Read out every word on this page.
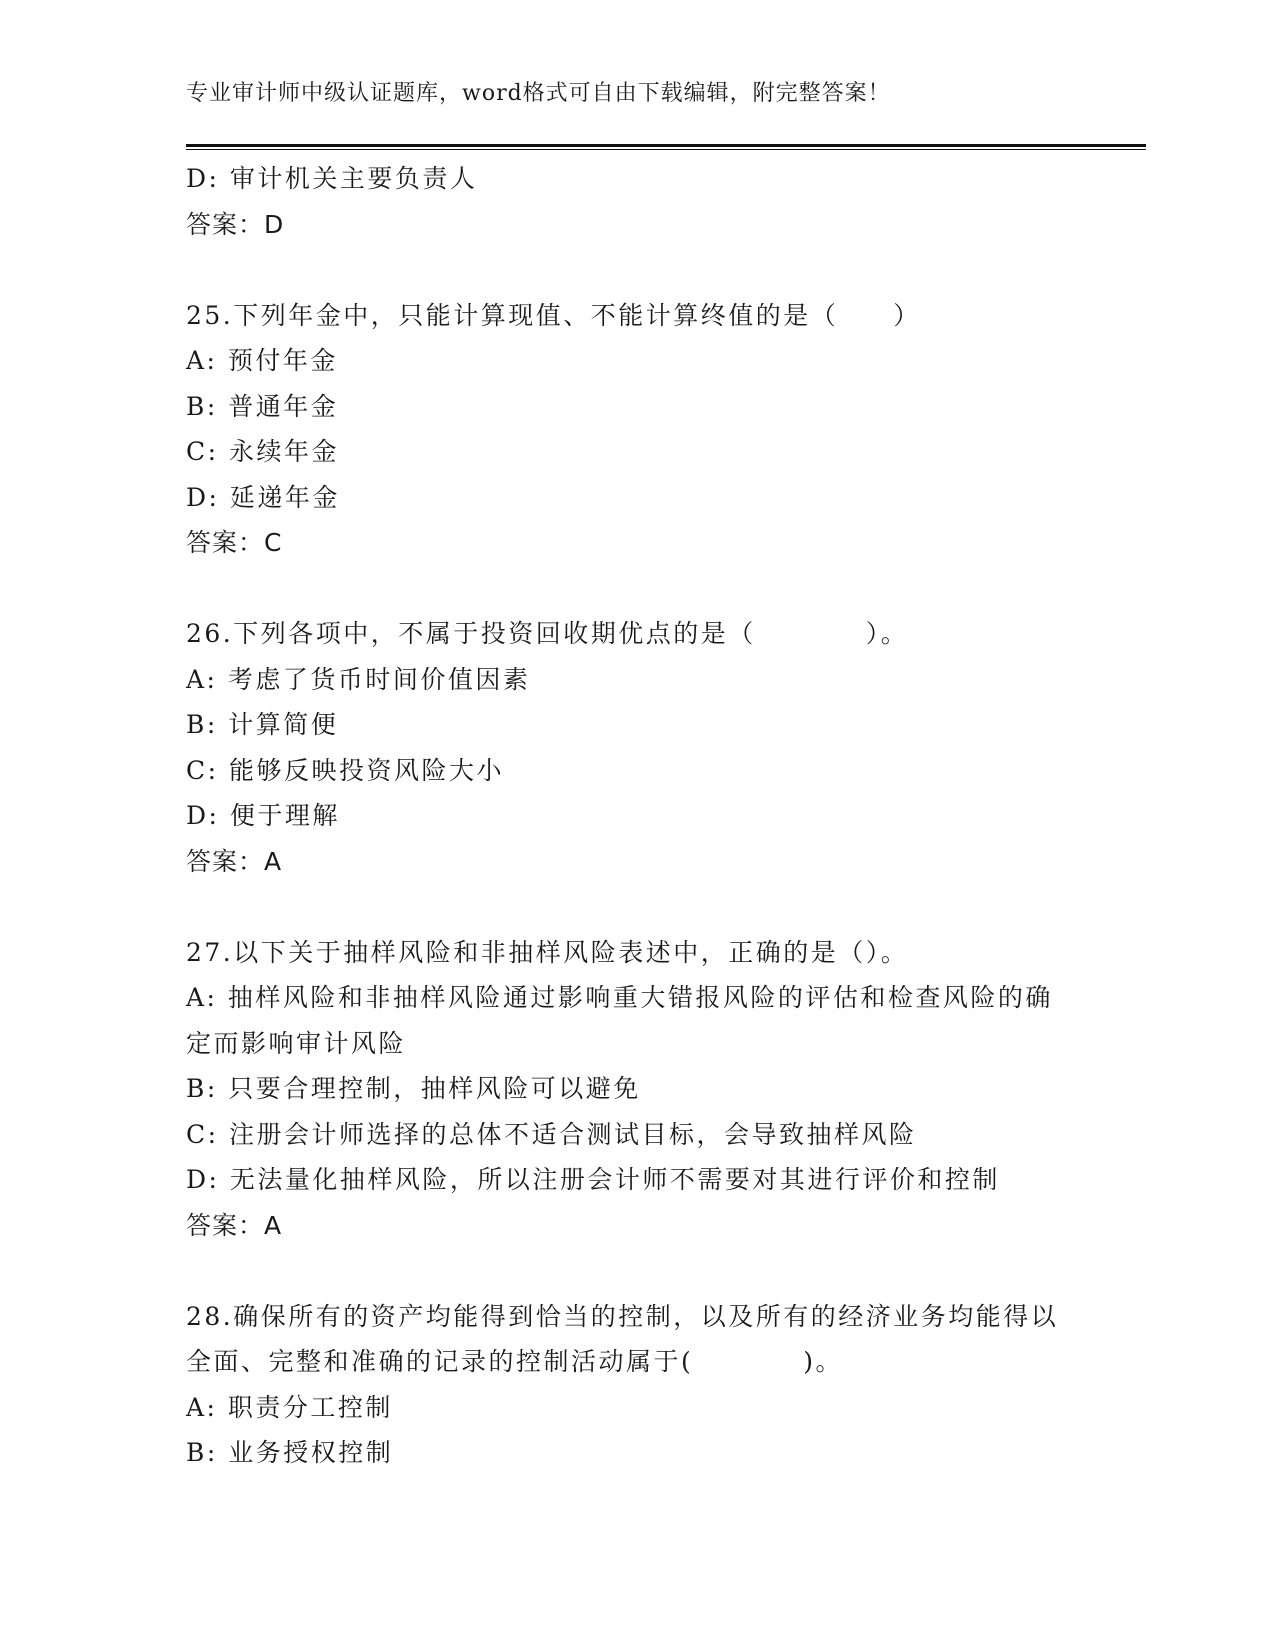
专业审计师中级认证题库，word格式可自由下载编辑，附完整答案！
D: 审计机关主要负责人
答案：D
25.下列年金中，只能计算现值、不能计算终值的是（　　）
A: 预付年金
B: 普通年金
C: 永续年金
D: 延递年金
答案：C
26.下列各项中，不属于投资回收期优点的是（　　　　）。
A: 考虑了货币时间价值因素
B: 计算简便
C: 能够反映投资风险大小
D: 便于理解
答案：A
27.以下关于抽样风险和非抽样风险表述中，正确的是（）。
A: 抽样风险和非抽样风险通过影响重大错报风险的评估和检查风险的确定而影响审计风险
B: 只要合理控制，抽样风险可以避免
C: 注册会计师选择的总体不适合测试目标，会导致抽样风险
D: 无法量化抽样风险，所以注册会计师不需要对其进行评价和控制
答案：A
28.确保所有的资产均能得到恰当的控制，以及所有的经济业务均能得以全面、完整和准确的记录的控制活动属于(　　　　)。
A: 职责分工控制
B: 业务授权控制
